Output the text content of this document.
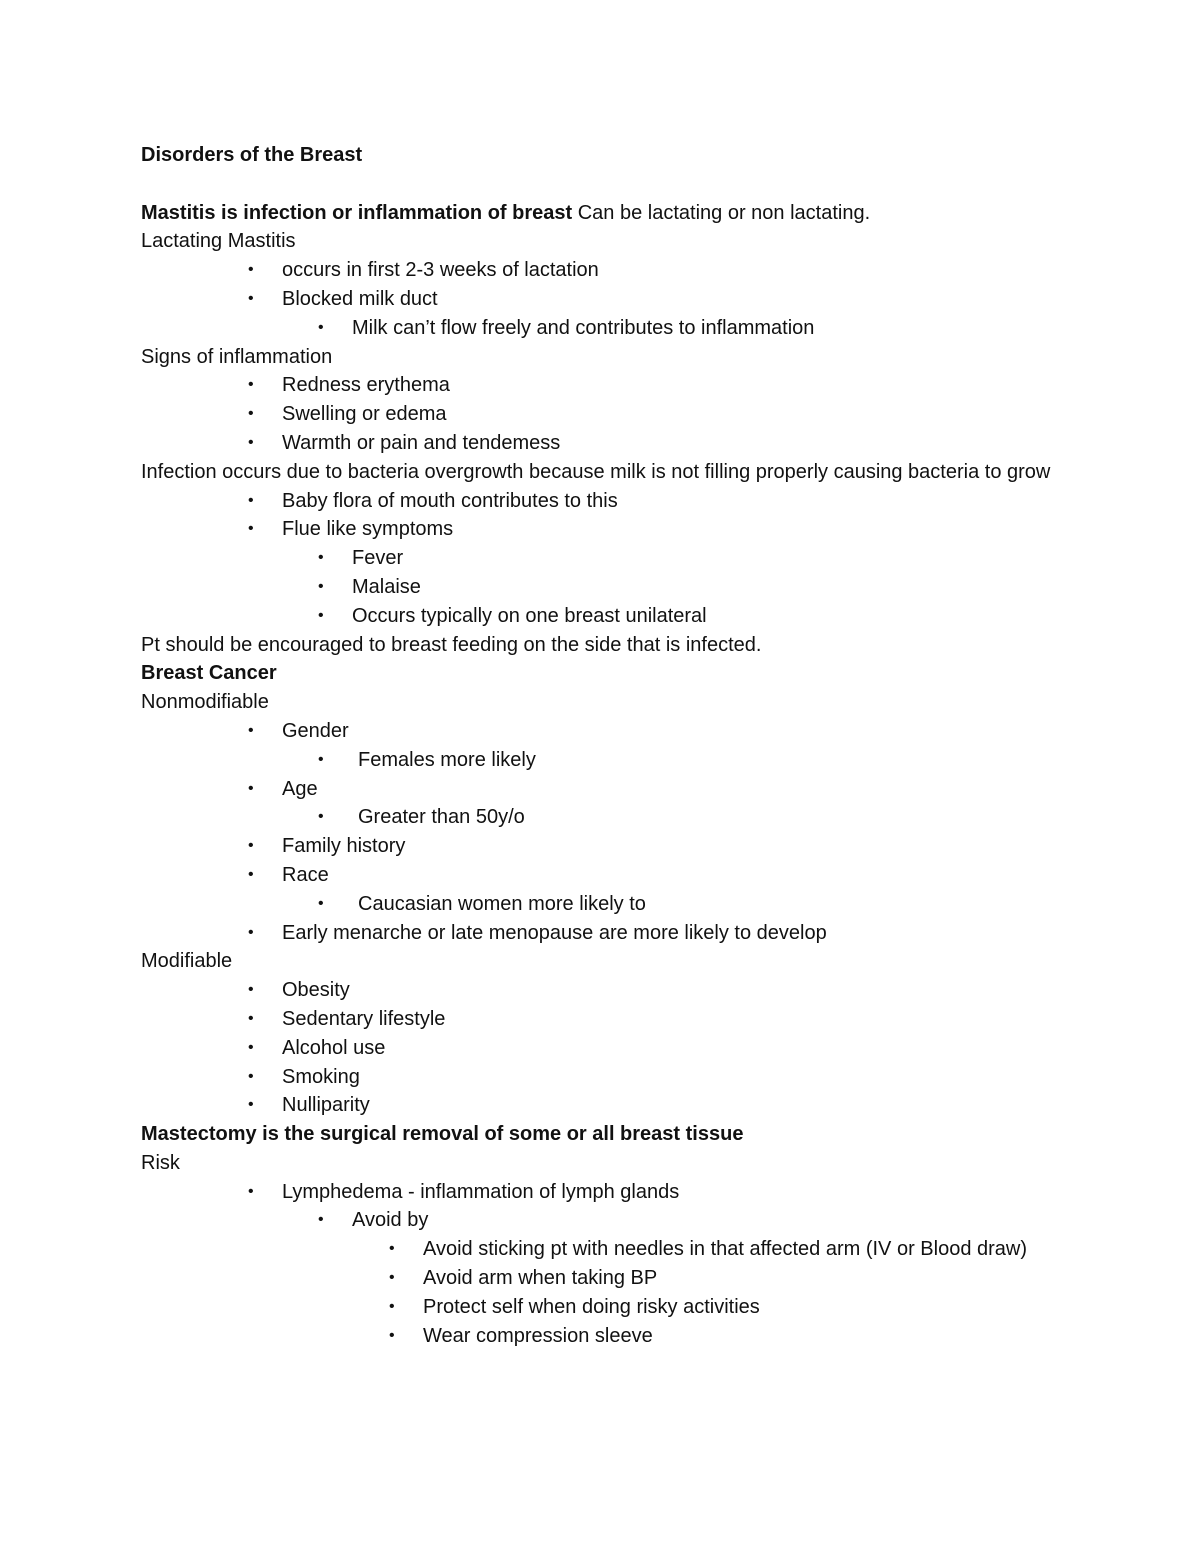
Disorders of the Breast
Mastitis is infection or inflammation of breast Can be lactating or non lactating.
Lactating Mastitis
•	occurs in first 2-3 weeks of lactation
•	Blocked milk duct
•	Milk can’t flow freely and contributes to inflammation
Signs of inflammation
•	Redness erythema
•	Swelling or edema
•	Warmth or pain and tendemess
Infection occurs due to bacteria overgrowth because milk is not filling properly causing bacteria to grow
•	Baby flora of mouth contributes to this
•	Flue like symptoms
•	Fever
•	Malaise
•	Occurs typically on one breast unilateral
Pt should be encouraged to breast feeding on the side that is infected.
Breast Cancer
Nonmodifiable
•	Gender
•	Females more likely
•	Age
•	Greater than 50y/o
•	Family history
•	Race
•	Caucasian women more likely to
•	Early menarche or late menopause are more likely to develop
Modifiable
•	Obesity
•	Sedentary lifestyle
•	Alcohol use
•	Smoking
•	Nulliparity
Mastectomy is the surgical removal of some or all breast tissue
Risk
•	Lymphedema - inflammation of lymph glands
•	Avoid by
•	Avoid sticking pt with needles in that affected arm (IV or Blood draw)
•	Avoid arm when taking BP
•	Protect self when doing risky activities
•	Wear compression sleeve
